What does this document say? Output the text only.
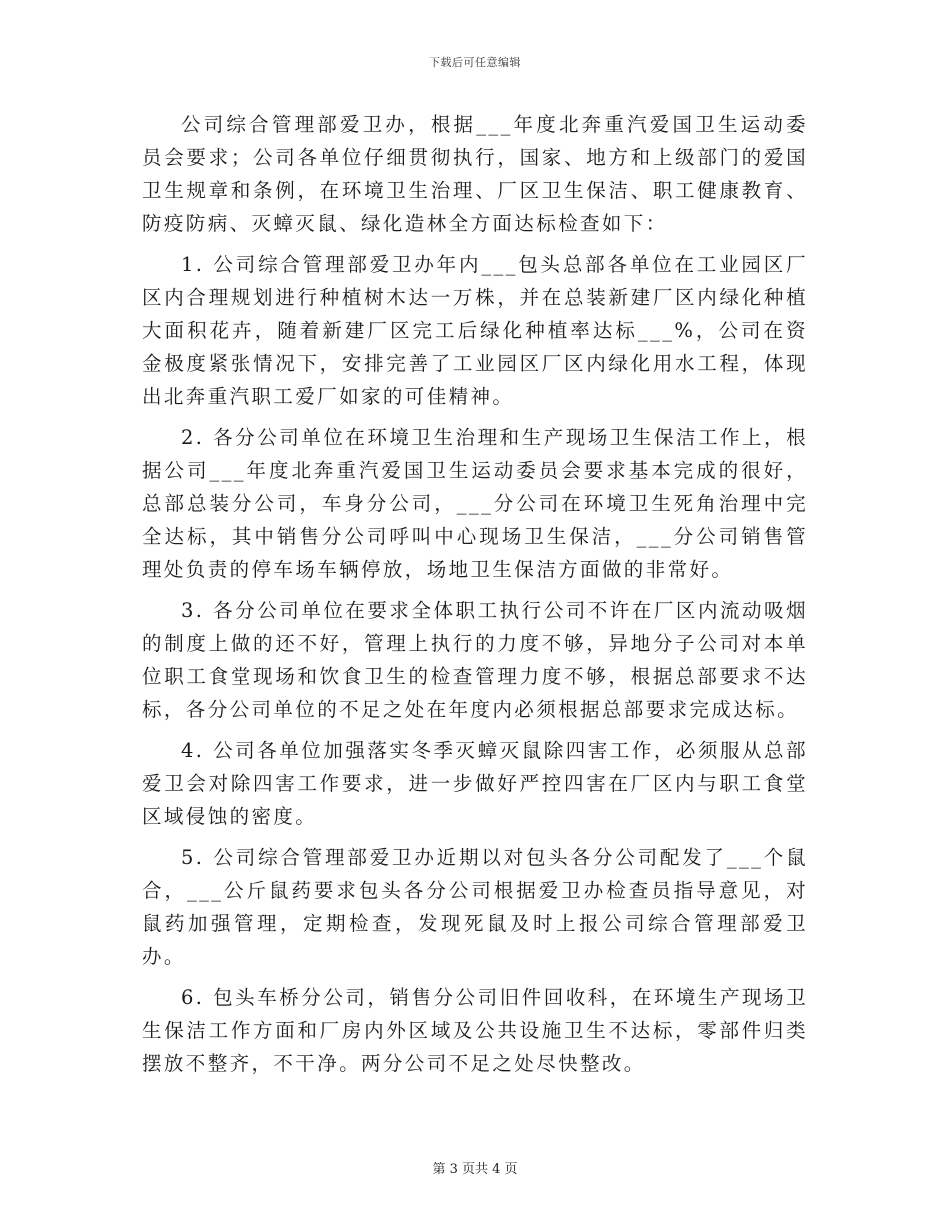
下载后可任意编辑

公司综合管理部爱卫办，根据___年度北奔重汽爱国卫生运动委员会要求；公司各单位仔细贯彻执行，国家、地方和上级部门的爱国卫生规章和条例，在环境卫生治理、厂区卫生保洁、职工健康教育、防疫防病、灭蟑灭鼠、绿化造林全方面达标检查如下：

1. 公司综合管理部爱卫办年内___包头总部各单位在工业园区厂区内合理规划进行种植树木达一万株，并在总装新建厂区内绿化种植大面积花卉，随着新建厂区完工后绿化种植率达标___%，公司在资金极度紧张情况下，安排完善了工业园区厂区内绿化用水工程，体现出北奔重汽职工爱厂如家的可佳精神。

2. 各分公司单位在环境卫生治理和生产现场卫生保洁工作上，根据公司___年度北奔重汽爱国卫生运动委员会要求基本完成的很好，总部总装分公司，车身分公司，___分公司在环境卫生死角治理中完全达标，其中销售分公司呼叫中心现场卫生保洁，___分公司销售管理处负责的停车场车辆停放，场地卫生保洁方面做的非常好。

3. 各分公司单位在要求全体职工执行公司不许在厂区内流动吸烟的制度上做的还不好，管理上执行的力度不够，异地分子公司对本单位职工食堂现场和饮食卫生的检查管理力度不够，根据总部要求不达标，各分公司单位的不足之处在年度内必须根据总部要求完成达标。

4. 公司各单位加强落实冬季灭蟑灭鼠除四害工作，必须服从总部爱卫会对除四害工作要求，进一步做好严控四害在厂区内与职工食堂区域侵蚀的密度。

5. 公司综合管理部爱卫办近期以对包头各分公司配发了___个鼠合，___公斤鼠药要求包头各分公司根据爱卫办检查员指导意见，对鼠药加强管理，定期检查，发现死鼠及时上报公司综合管理部爱卫办。

6. 包头车桥分公司，销售分公司旧件回收科，在环境生产现场卫生保洁工作方面和厂房内外区域及公共设施卫生不达标，零部件归类摆放不整齐，不干净。两分公司不足之处尽快整改。

第 3 页共 4 页
